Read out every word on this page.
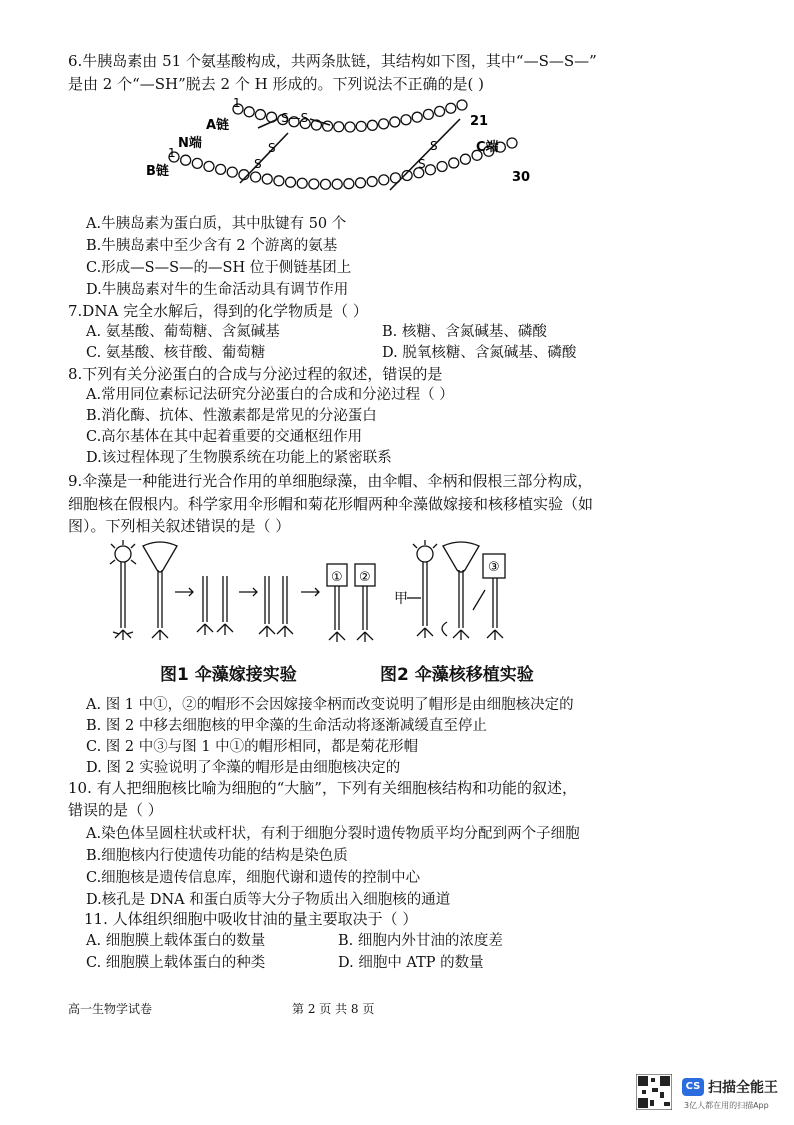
6.牛胰岛素由 51 个氨基酸构成，共两条肽链，其结构如下图，其中“—S—S—”
是由 2 个“—SH”脱去 2 个 H 形成的。下列说法不正确的是( )
S—S
S
S
S
S
A链
N端
B链
1
1
21
C端
30
A.牛胰岛素为蛋白质，其中肽键有 50 个
B.牛胰岛素中至少含有 2 个游离的氨基
C.形成—S—S—的—SH 位于侧链基团上
D.牛胰岛素对牛的生命活动具有调节作用
7.DNA 完全水解后，得到的化学物质是（ ）
A. 氨基酸、葡萄糖、含氮碱基	B. 核糖、含氮碱基、磷酸
C. 氨基酸、核苷酸、葡萄糖	D. 脱氧核糖、含氮碱基、磷酸
8.下列有关分泌蛋白的合成与分泌过程的叙述，错误的是
A.常用同位素标记法研究分泌蛋白的合成和分泌过程（ ）
B.消化酶、抗体、性激素都是常见的分泌蛋白
C.高尔基体在其中起着重要的交通枢纽作用
D.该过程体现了生物膜系统在功能上的紧密联系
9.伞藻是一种能进行光合作用的单细胞绿藻，由伞帽、伞柄和假根三部分构成，
细胞核在假根内。科学家用伞形帽和菊花形帽两种伞藻做嫁接和核移植实验（如
图）。下列相关叙述错误的是（ ）
① ②
③
甲
图1 伞藻嫁接实验	图2 伞藻核移植实验
A. 图 1 中①，②的帽形不会因嫁接伞柄而改变说明了帽形是由细胞核决定的
B. 图 2 中移去细胞核的甲伞藻的生命活动将逐渐减缓直至停止
C. 图 2 中③与图 1 中①的帽形相同，都是菊花形帽
D. 图 2 实验说明了伞藻的帽形是由细胞核决定的
10. 有人把细胞核比喻为细胞的“大脑”，下列有关细胞核结构和功能的叙述，
错误的是（ ）
A.染色体呈圆柱状或杆状，有利于细胞分裂时遗传物质平均分配到两个子细胞
B.细胞核内行使遗传功能的结构是染色质
C.细胞核是遗传信息库，细胞代谢和遗传的控制中心
D.核孔是 DNA 和蛋白质等大分子物质出入细胞核的通道
11. 人体组织细胞中吸收甘油的量主要取决于（ ）
A. 细胞膜上载体蛋白的数量	B. 细胞内外甘油的浓度差
C. 细胞膜上载体蛋白的种类	D. 细胞中 ATP 的数量
高一生物学试卷	第 2 页 共 8 页
CS 扫描全能王
3亿人都在用的扫描App
